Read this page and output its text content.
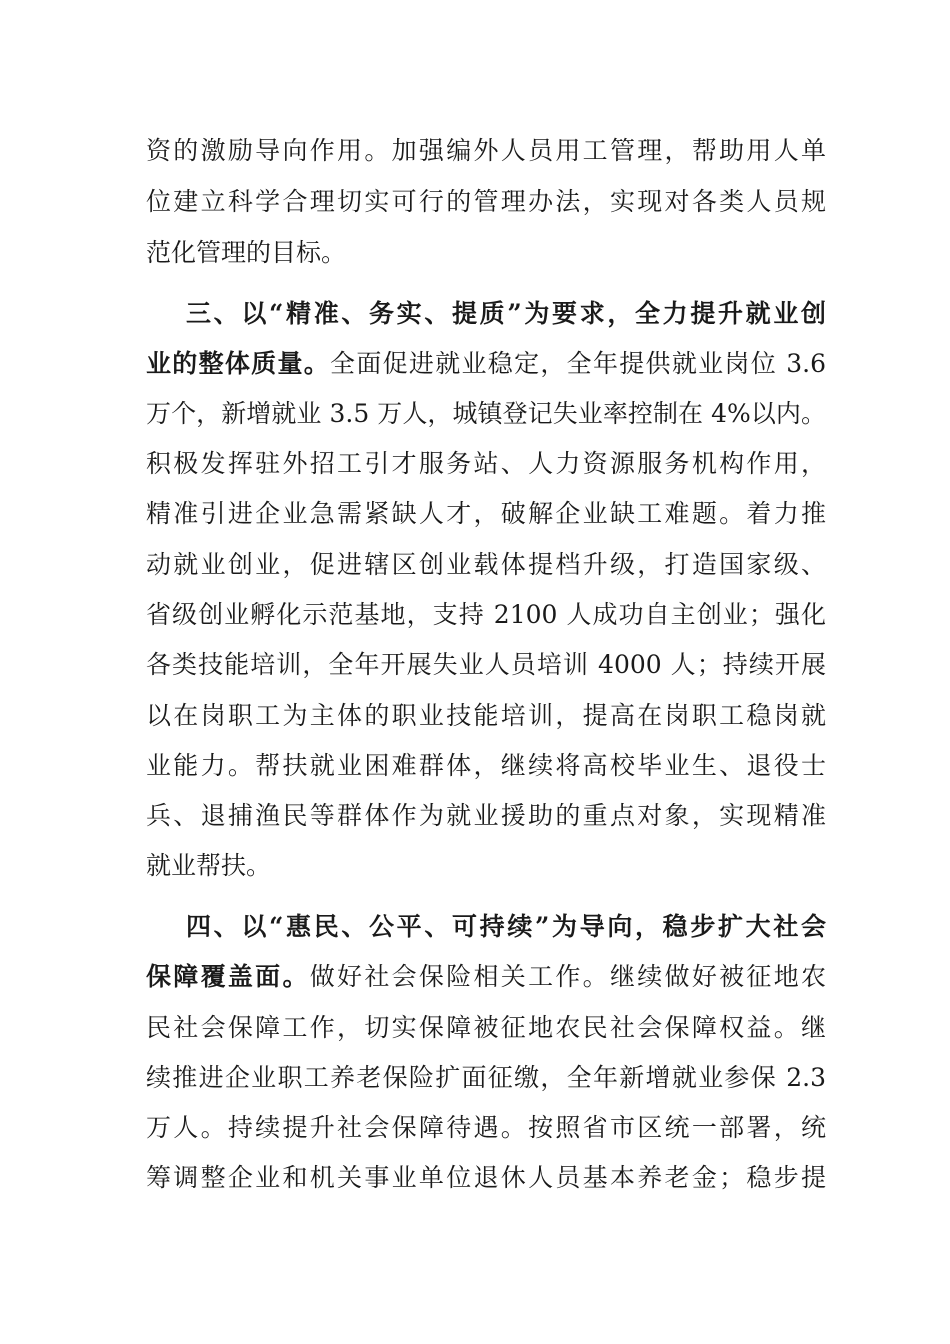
资的激励导向作用。加强编外人员用工管理，帮助用人单
位建立科学合理切实可行的管理办法，实现对各类人员规
范化管理的目标。
三、以“精准、务实、提质”为要求，全力提升就业创
业的整体质量。全面促进就业稳定，全年提供就业岗位 3.6
万个，新增就业 3.5 万人，城镇登记失业率控制在 4%以内。
积极发挥驻外招工引才服务站、人力资源服务机构作用，
精准引进企业急需紧缺人才，破解企业缺工难题。着力推
动就业创业，促进辖区创业载体提档升级，打造国家级、
省级创业孵化示范基地，支持 2100 人成功自主创业；强化
各类技能培训，全年开展失业人员培训 4000 人；持续开展
以在岗职工为主体的职业技能培训，提高在岗职工稳岗就
业能力。帮扶就业困难群体，继续将高校毕业生、退役士
兵、退捕渔民等群体作为就业援助的重点对象，实现精准
就业帮扶。
四、以“惠民、公平、可持续”为导向，稳步扩大社会
保障覆盖面。做好社会保险相关工作。继续做好被征地农
民社会保障工作，切实保障被征地农民社会保障权益。继
续推进企业职工养老保险扩面征缴，全年新增就业参保 2.3
万人。持续提升社会保障待遇。按照省市区统一部署，统
筹调整企业和机关事业单位退休人员基本养老金；稳步提
